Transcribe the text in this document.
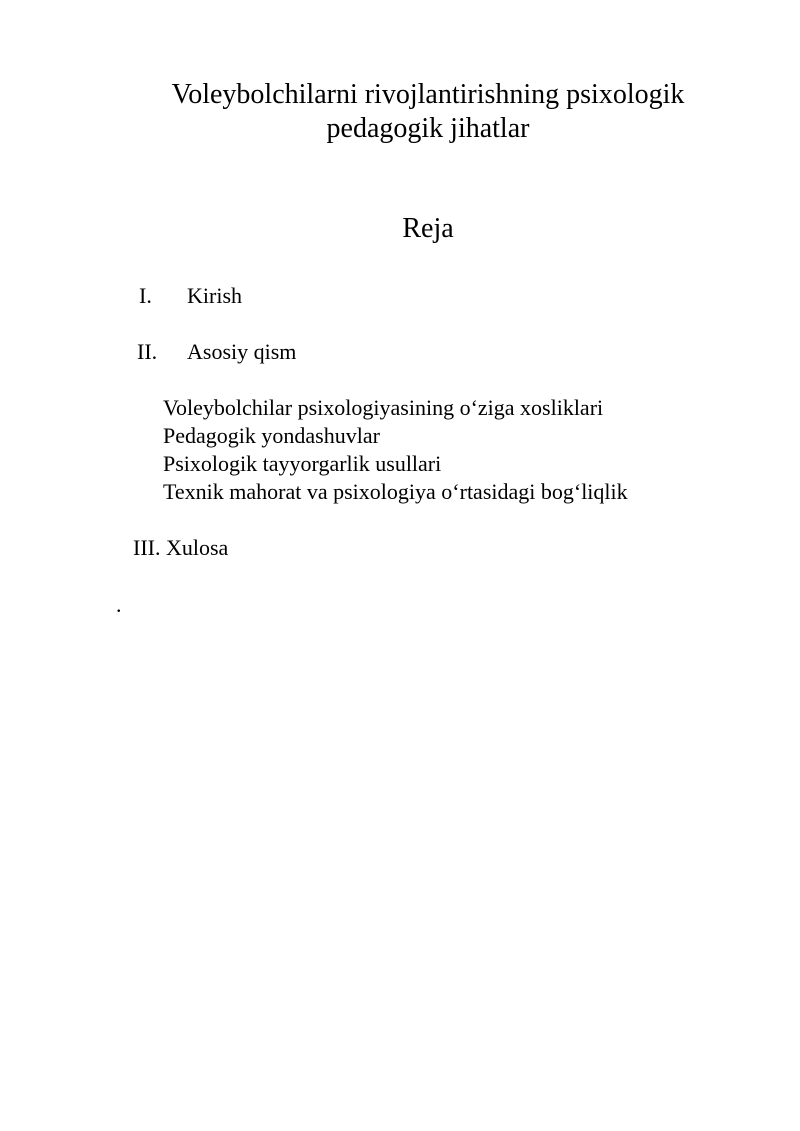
Voleybolchilarni rivojlantirishning psixologik
pedagogik jihatlar
Reja
I. Kirish
II. Asosiy qism
Voleybolchilar psixologiyasining o‘ziga xosliklari
Pedagogik yondashuvlar
Psixologik tayyorgarlik usullari
Texnik mahorat va psixologiya o‘rtasidagi bog‘liqlik
III. Xulosa
.
